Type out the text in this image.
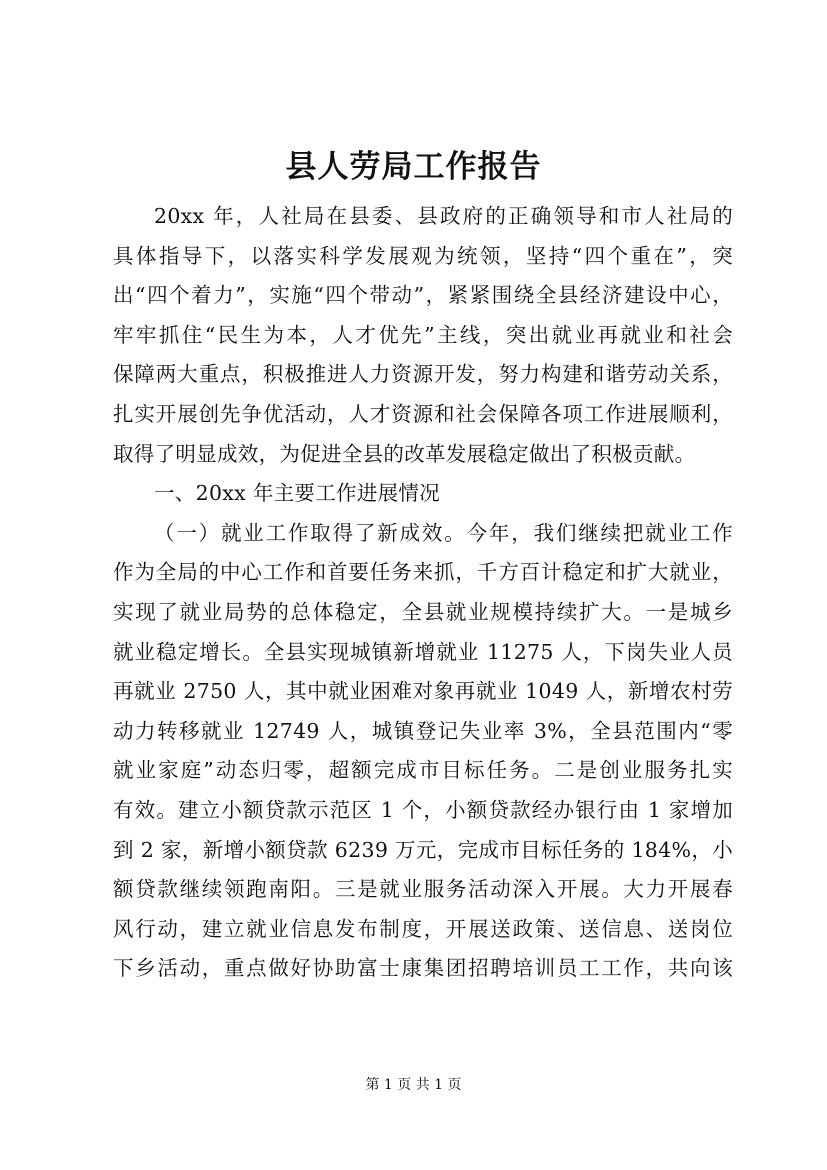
县人劳局工作报告
20xx 年，人社局在县委、县政府的正确领导和市人社局的
具体指导下，以落实科学发展观为统领，坚持“四个重在”，突
出“四个着力”，实施“四个带动”，紧紧围绕全县经济建设中心，
牢牢抓住“民生为本，人才优先”主线，突出就业再就业和社会
保障两大重点，积极推进人力资源开发，努力构建和谐劳动关系，
扎实开展创先争优活动，人才资源和社会保障各项工作进展顺利，
取得了明显成效，为促进全县的改革发展稳定做出了积极贡献。
一、20xx 年主要工作进展情况
（一）就业工作取得了新成效。今年，我们继续把就业工作
作为全局的中心工作和首要任务来抓，千方百计稳定和扩大就业，
实现了就业局势的总体稳定，全县就业规模持续扩大。一是城乡
就业稳定增长。全县实现城镇新增就业 11275 人，下岗失业人员
再就业 2750 人，其中就业困难对象再就业 1049 人，新增农村劳
动力转移就业 12749 人，城镇登记失业率 3%，全县范围内“零
就业家庭”动态归零，超额完成市目标任务。二是创业服务扎实
有效。建立小额贷款示范区 1 个，小额贷款经办银行由 1 家增加
到 2 家，新增小额贷款 6239 万元，完成市目标任务的 184%，小
额贷款继续领跑南阳。三是就业服务活动深入开展。大力开展春
风行动，建立就业信息发布制度，开展送政策、送信息、送岗位
下乡活动，重点做好协助富士康集团招聘培训员工工作，共向该
第 1 页 共 1 页
